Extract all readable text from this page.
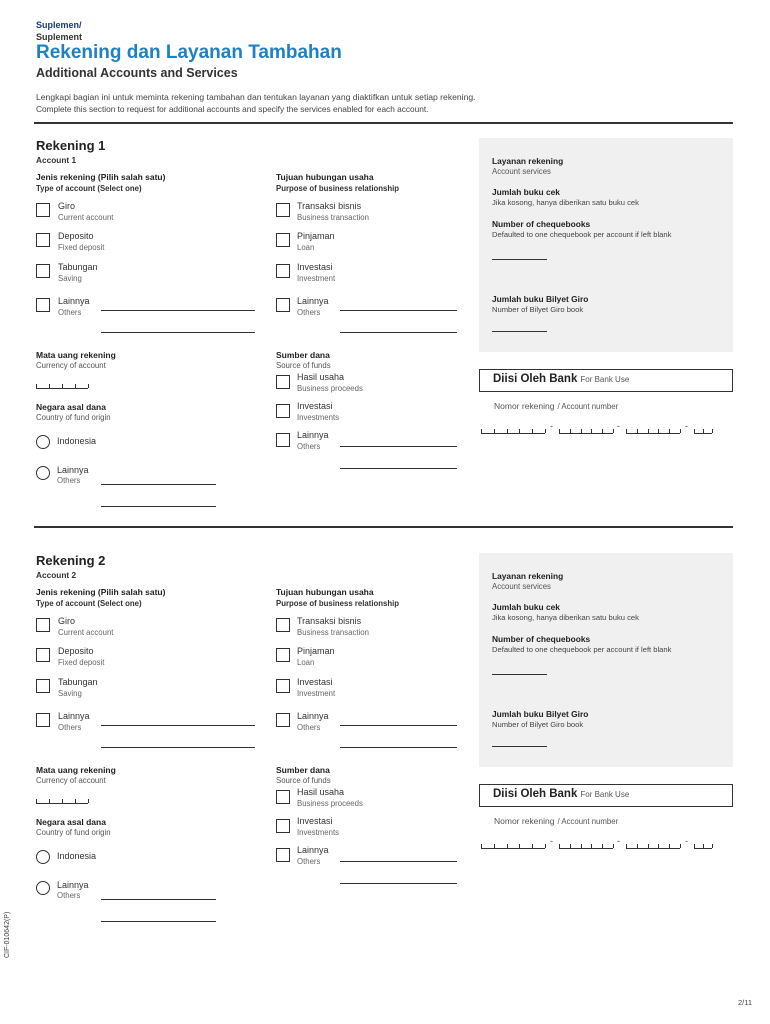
Suplemen/
Suplement
Rekening dan Layanan Tambahan
Additional Accounts and Services
Lengkapi bagian ini untuk meminta rekening tambahan dan tentukan layanan yang diaktifkan untuk setiap rekening.
Complete this section to request for additional accounts and specify the services enabled for each account.
Rekening 1
Account 1
Jenis rekening (Pilih salah satu)
Type of account (Select one)
Giro
Current account
Deposito
Fixed deposit
Tabungan
Saving
Lainnya
Others
Tujuan hubungan usaha
Purpose of business relationship
Transaksi bisnis
Business transaction
Pinjaman
Loan
Investasi
Investment
Lainnya
Others
Mata uang rekening
Currency of account
Negara asal dana
Country of fund origin
Indonesia
Lainnya
Others
Sumber dana
Source of funds
Hasil usaha
Business proceeds
Investasi
Investments
Lainnya
Others
Layanan rekening
Account services
Jumlah buku cek
Jika kosong, hanya diberikan satu buku cek
Number of chequebooks
Defaulted to one chequebook per account if left blank
Jumlah buku Bilyet Giro
Number of Bilyet Giro book
Diisi Oleh Bank For Bank Use
Nomor rekening / Account number
-	-	-
Rekening 2
Account 2
Jenis rekening (Pilih salah satu)
Type of account (Select one)
Giro
Current account
Deposito
Fixed deposit
Tabungan
Saving
Lainnya
Others
Tujuan hubungan usaha
Purpose of business relationship
Transaksi bisnis
Business transaction
Pinjaman
Loan
Investasi
Investment
Lainnya
Others
Mata uang rekening
Currency of account
Negara asal dana
Country of fund origin
Indonesia
Lainnya
Others
Sumber dana
Source of funds
Hasil usaha
Business proceeds
Investasi
Investments
Lainnya
Others
Layanan rekening
Account services
Jumlah buku cek
Jika kosong, hanya diberikan satu buku cek
Number of chequebooks
Defaulted to one chequebook per account if left blank
Jumlah buku Bilyet Giro
Number of Bilyet Giro book
Diisi Oleh Bank For Bank Use
Nomor rekening / Account number
-	-	-
CIF-010642(P)
2/11
